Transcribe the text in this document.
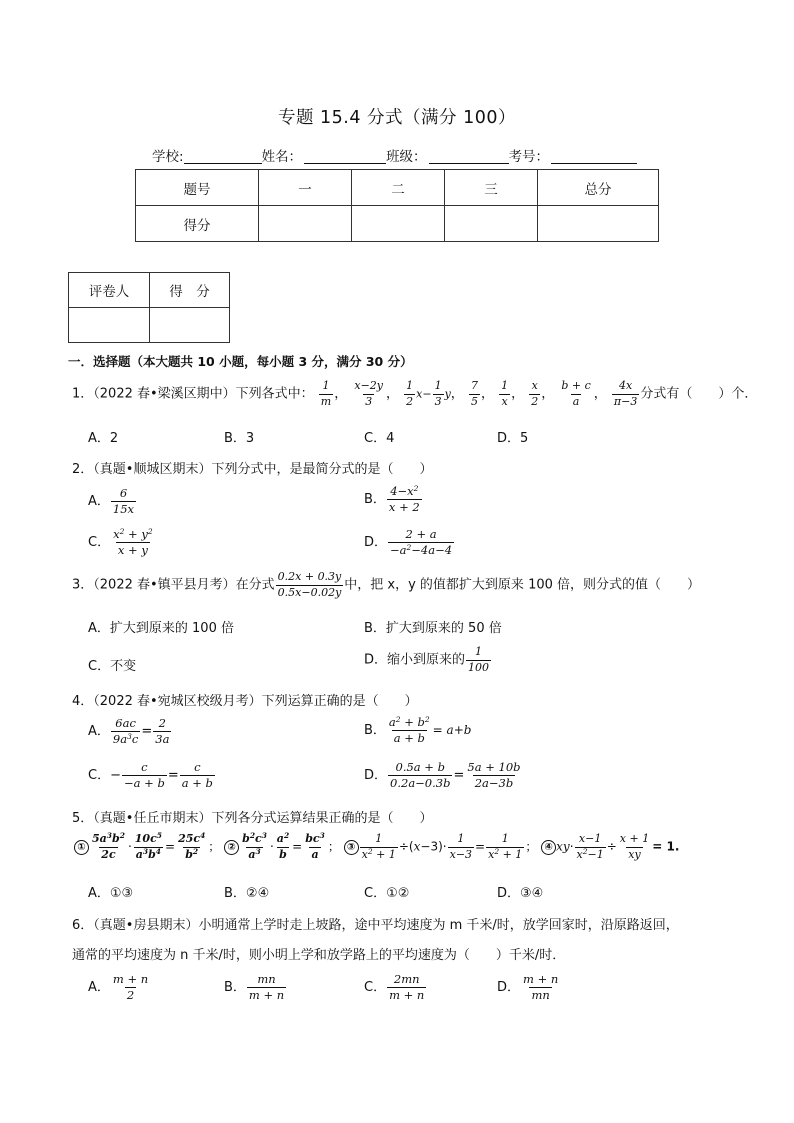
专题 15.4 分式（满分 100）
学校:	姓名：	班级：	考号：
题号	一	二	三	总分
得分				
评卷人	得　分

一．选择题（本大题共 10 小题，每小题 3 分，满分 30 分）
1．（2022 春•梁溪区期中）下列各式中： $\frac{1}{m}$ ， $\frac{x-2y}{3}$ ， $\frac{1}{2} x- \frac{1}{3}$ y， $\frac{7}{5}$ ， $\frac{1}{x}$ ， $\frac{x}{2}$ ， $\frac{b + c}{a}$ ， $\frac{4x}{\pi-3}$ 分式有（　　）个．
A．2	B．3	C．4	D．5
2．（真题•顺城区期末）下列分式中，是最简分式的是（　　）
A． $\frac{6}{15x}$	B． $\frac{4-x^2}{x + 2}$
C． $\frac{x^2 + y^2}{x + y}$	D． $\frac{2 + a}{-a^2-4a-4}$
3．（2022 春•镇平县月考）在分式 $\frac{0.2x + 0.3y}{0.5x-0.02y}$ 中，把 x，y 的值都扩大到原来 100 倍，则分式的值（　　）
A．扩大到原来的 100 倍	B．扩大到原来的 50 倍
C．不变	D．缩小到原来的 $\frac{1}{100}$
4．（2022 春•宛城区校级月考）下列运算正确的是（　　）
A． $\frac{6ac}{9a^3c} = \frac{2}{3a}$	B． $\frac{a^2 + b^2}{a + b} = a+b$
C．− $\frac{c}{-a + b} = \frac{c}{a + b}$	D． $\frac{0.5a + b}{0.2a-0.3b} = \frac{5a + 10b}{2a-3b}$
5．（真题•任丘市期末）下列各分式运算结果正确的是（　　）
① $\frac{5a^3b^2}{2c} \cdot \frac{10c^5}{a^3b^4} = \frac{25c^4}{b^2}$ ； ② $\frac{b^2c^3}{a^3} \cdot \frac{a^2}{b} = \frac{bc^3}{a}$ ； ③ $\frac{1}{x^2 + 1} \div(x-3)\cdot \frac{1}{x-3} = \frac{1}{x^2 + 1}$ ； ④ $xy\cdot \frac{x-1}{x^2-1} \div \frac{x + 1}{xy} = 1$.
A．①③	B．②④	C．①②	D．③④
6．（真题•房县期末）小明通常上学时走上坡路，途中平均速度为 m 千米/时，放学回家时，沿原路返回，
通常的平均速度为 n 千米/时，则小明上学和放学路上的平均速度为（　　）千米/时．
A． $\frac{m + n}{2}$	B． $\frac{mn}{m + n}$	C． $\frac{2mn}{m + n}$	D． $\frac{m + n}{mn}$
